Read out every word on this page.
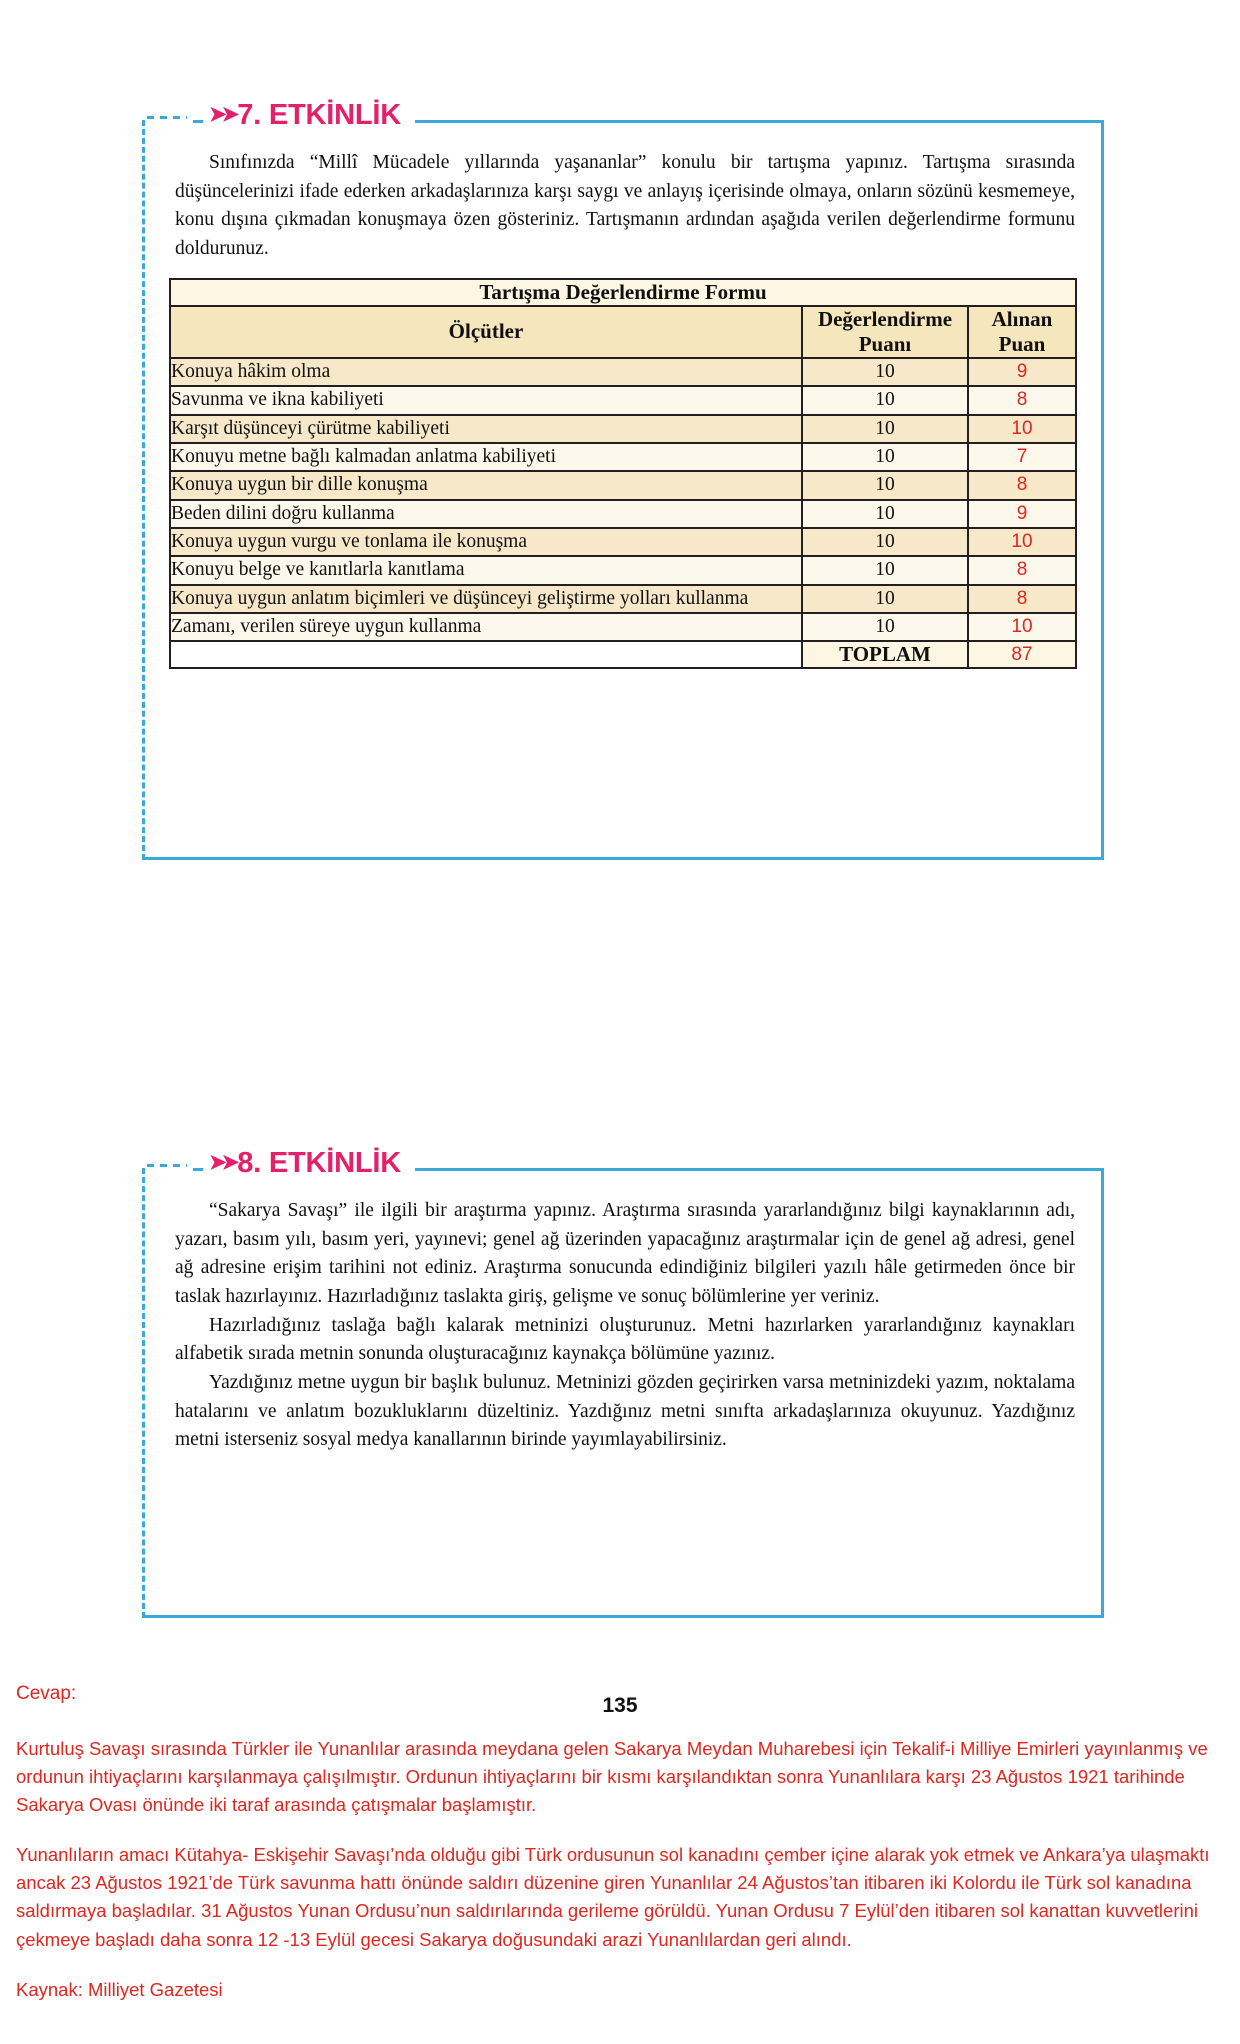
➤➤ 7. ETKİNLİK

Sınıfınızda “Millî Mücadele yıllarında yaşananlar” konulu bir tartışma yapınız. Tartışma sırasında düşüncelerinizi ifade ederken arkadaşlarınıza karşı saygı ve anlayış içerisinde olmaya, onların sözünü kesmemeye, konu dışına çıkmadan konuşmaya özen gösteriniz. Tartışmanın ardından aşağıda verilen değerlendirme formunu doldurunuz.

Tartışma Değerlendirme Formu		
Ölçütler	Değerlendirme Puanı	Alınan Puan
Konuya hâkim olma	10	9
Savunma ve ikna kabiliyeti	10	8
Karşıt düşünceyi çürütme kabiliyeti	10	10
Konuyu metne bağlı kalmadan anlatma kabiliyeti	10	7
Konuya uygun bir dille konuşma	10	8
Beden dilini doğru kullanma	10	9
Konuya uygun vurgu ve tonlama ile konuşma	10	10
Konuyu belge ve kanıtlarla kanıtlama	10	8
Konuya uygun anlatım biçimleri ve düşünceyi geliştirme yolları kullanma	10	8
Zamanı, verilen süreye uygun kullanma	10	10
	TOPLAM	87
➤➤ 8. ETKİNLİK

“Sakarya Savaşı” ile ilgili bir araştırma yapınız. Araştırma sırasında yararlandığınız bilgi kaynaklarının adı, yazarı, basım yılı, basım yeri, yayınevi; genel ağ üzerinden yapacağınız araştırmalar için de genel ağ adresi, genel ağ adresine erişim tarihini not ediniz. Araştırma sonucunda edindiğiniz bilgileri yazılı hâle getirmeden önce bir taslak hazırlayınız. Hazırladığınız taslakta giriş, gelişme ve sonuç bölümlerine yer veriniz.

Hazırladığınız taslağa bağlı kalarak metninizi oluşturunuz. Metni hazırlarken yararlandığınız kaynakları alfabetik sırada metnin sonunda oluşturacağınız kaynakça bölümüne yazınız.

Yazdığınız metne uygun bir başlık bulunuz. Metninizi gözden geçirirken varsa metninizdeki yazım, noktalama hatalarını ve anlatım bozukluklarını düzeltiniz. Yazdığınız metni sınıfta arkadaşlarınıza okuyunuz. Yazdığınız metni isterseniz sosyal medya kanallarının birinde yayımlayabilirsiniz.

135

Cevap:

Kurtuluş Savaşı sırasında Türkler ile Yunanlılar arasında meydana gelen Sakarya Meydan Muharebesi için Tekalif-i Milliye Emirleri yayınlanmış ve ordunun ihtiyaçlarını karşılanmaya çalışılmıştır. Ordunun ihtiyaçlarını bir kısmı karşılandıktan sonra Yunanlılara karşı 23 Ağustos 1921 tarihinde Sakarya Ovası önünde iki taraf arasında çatışmalar başlamıştır.

Yunanlıların amacı Kütahya- Eskişehir Savaşı’nda olduğu gibi Türk ordusunun sol kanadını çember içine alarak yok etmek ve Ankara’ya ulaşmaktı ancak 23 Ağustos 1921’de Türk savunma hattı önünde saldırı düzenine giren Yunanlılar 24 Ağustos’tan itibaren iki Kolordu ile Türk sol kanadına saldırmaya başladılar. 31 Ağustos Yunan Ordusu’nun saldırılarında gerileme görüldü. Yunan Ordusu 7 Eylül’den itibaren sol kanattan kuvvetlerini çekmeye başladı daha sonra 12 -13 Eylül gecesi Sakarya doğusundaki arazi Yunanlılardan geri alındı.

Kaynak: Milliyet Gazetesi
